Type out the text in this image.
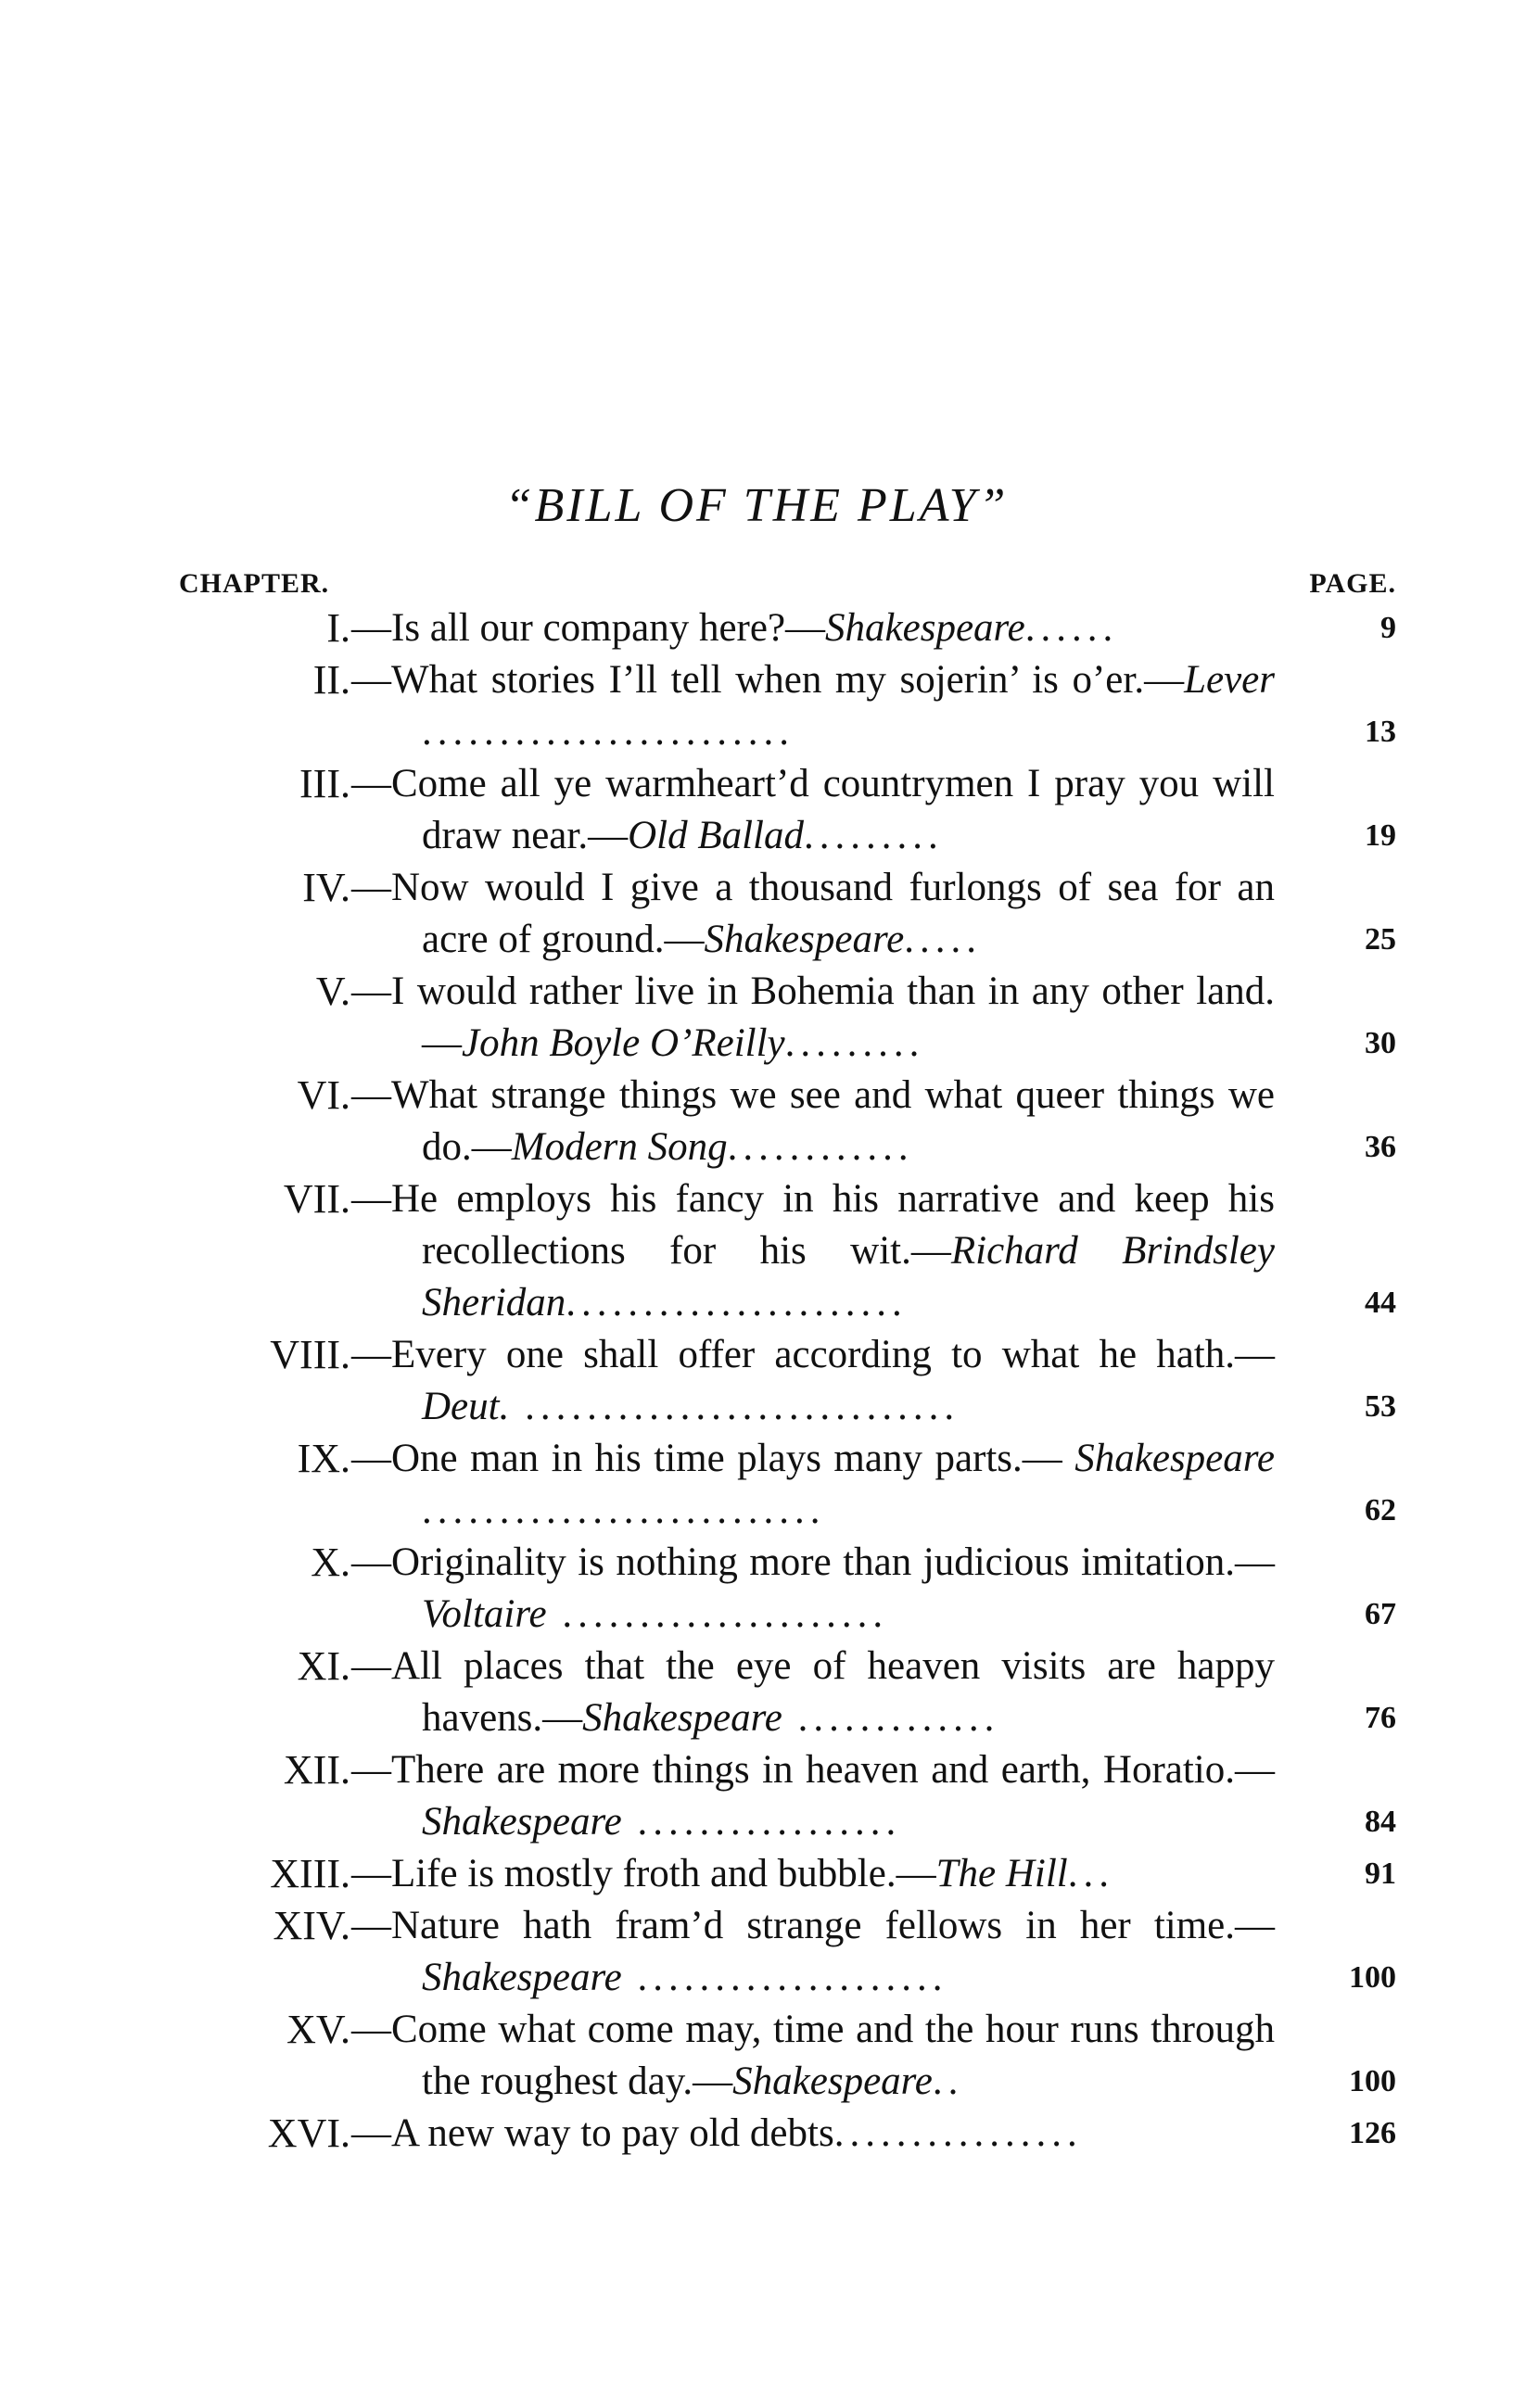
“BILL OF THE PLAY”
CHAPTER.	PAGE.
I. —Is all our company here?—Shakespeare......	9
II. —What stories I’ll tell when my sojerin’ is o’er.—Lever ........................	13
III. —Come all ye warmheart’d countrymen I pray you will draw near.—Old Ballad.........	19
IV. —Now would I give a thousand furlongs of sea for an acre of ground.—Shakespeare.....	25
V. —I would rather live in Bohemia than in any other land.—John Boyle O’Reilly.........	30
VI. —What strange things we see and what queer things we do.—Modern Song............	36
VII. —He employs his fancy in his narrative and keep his recollections for his wit.—Richard Brindsley Sheridan......................	44
VIII. —Every one shall offer according to what he hath.—Deut. ............................	53
IX. —One man in his time plays many parts.— Shakespeare ..........................	62
X. —Originality is nothing more than judicious imitation.—Voltaire .....................	67
XI. —All places that the eye of heaven visits are happy havens.—Shakespeare .............	76
XII. —There are more things in heaven and earth, Horatio.—Shakespeare .................	84
XIII. —Life is mostly froth and bubble.—The Hill...	91
XIV. —Nature hath fram’d strange fellows in her time.—Shakespeare ....................	100
XV. —Come what come may, time and the hour runs through the roughest day.—Shakespeare..	100
XVI. —A new way to pay old debts................	126
